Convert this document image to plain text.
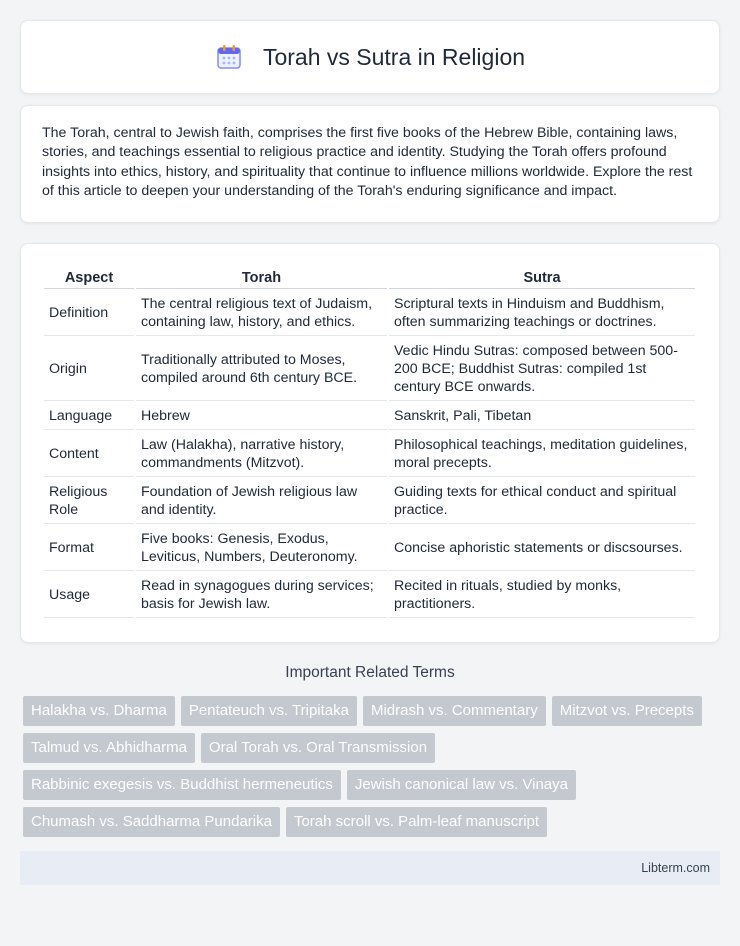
Torah vs Sutra in Religion
The Torah, central to Jewish faith, comprises the first five books of the Hebrew Bible, containing laws, stories, and teachings essential to religious practice and identity. Studying the Torah offers profound insights into ethics, history, and spirituality that continue to influence millions worldwide. Explore the rest of this article to deepen your understanding of the Torah's enduring significance and impact.
Aspect	Torah	Sutra
Definition	The central religious text of Judaism, containing law, history, and ethics.	Scriptural texts in Hinduism and Buddhism, often summarizing teachings or doctrines.
Origin	Traditionally attributed to Moses, compiled around 6th century BCE.	Vedic Hindu Sutras: composed between 500-200 BCE; Buddhist Sutras: compiled 1st century BCE onwards.
Language	Hebrew	Sanskrit, Pali, Tibetan
Content	Law (Halakha), narrative history, commandments (Mitzvot).	Philosophical teachings, meditation guidelines, moral precepts.
Religious Role	Foundation of Jewish religious law and identity.	Guiding texts for ethical conduct and spiritual practice.
Format	Five books: Genesis, Exodus, Leviticus, Numbers, Deuteronomy.	Concise aphoristic statements or discsourses.
Usage	Read in synagogues during services; basis for Jewish law.	Recited in rituals, studied by monks, practitioners.
Important Related Terms
Halakha vs. Dharma	Pentateuch vs. Tripitaka	Midrash vs. Commentary	Mitzvot vs. Precepts
Talmud vs. Abhidharma	Oral Torah vs. Oral Transmission
Rabbinic exegesis vs. Buddhist hermeneutics	Jewish canonical law vs. Vinaya
Chumash vs. Saddharma Pundarika	Torah scroll vs. Palm-leaf manuscript
Libterm.com
